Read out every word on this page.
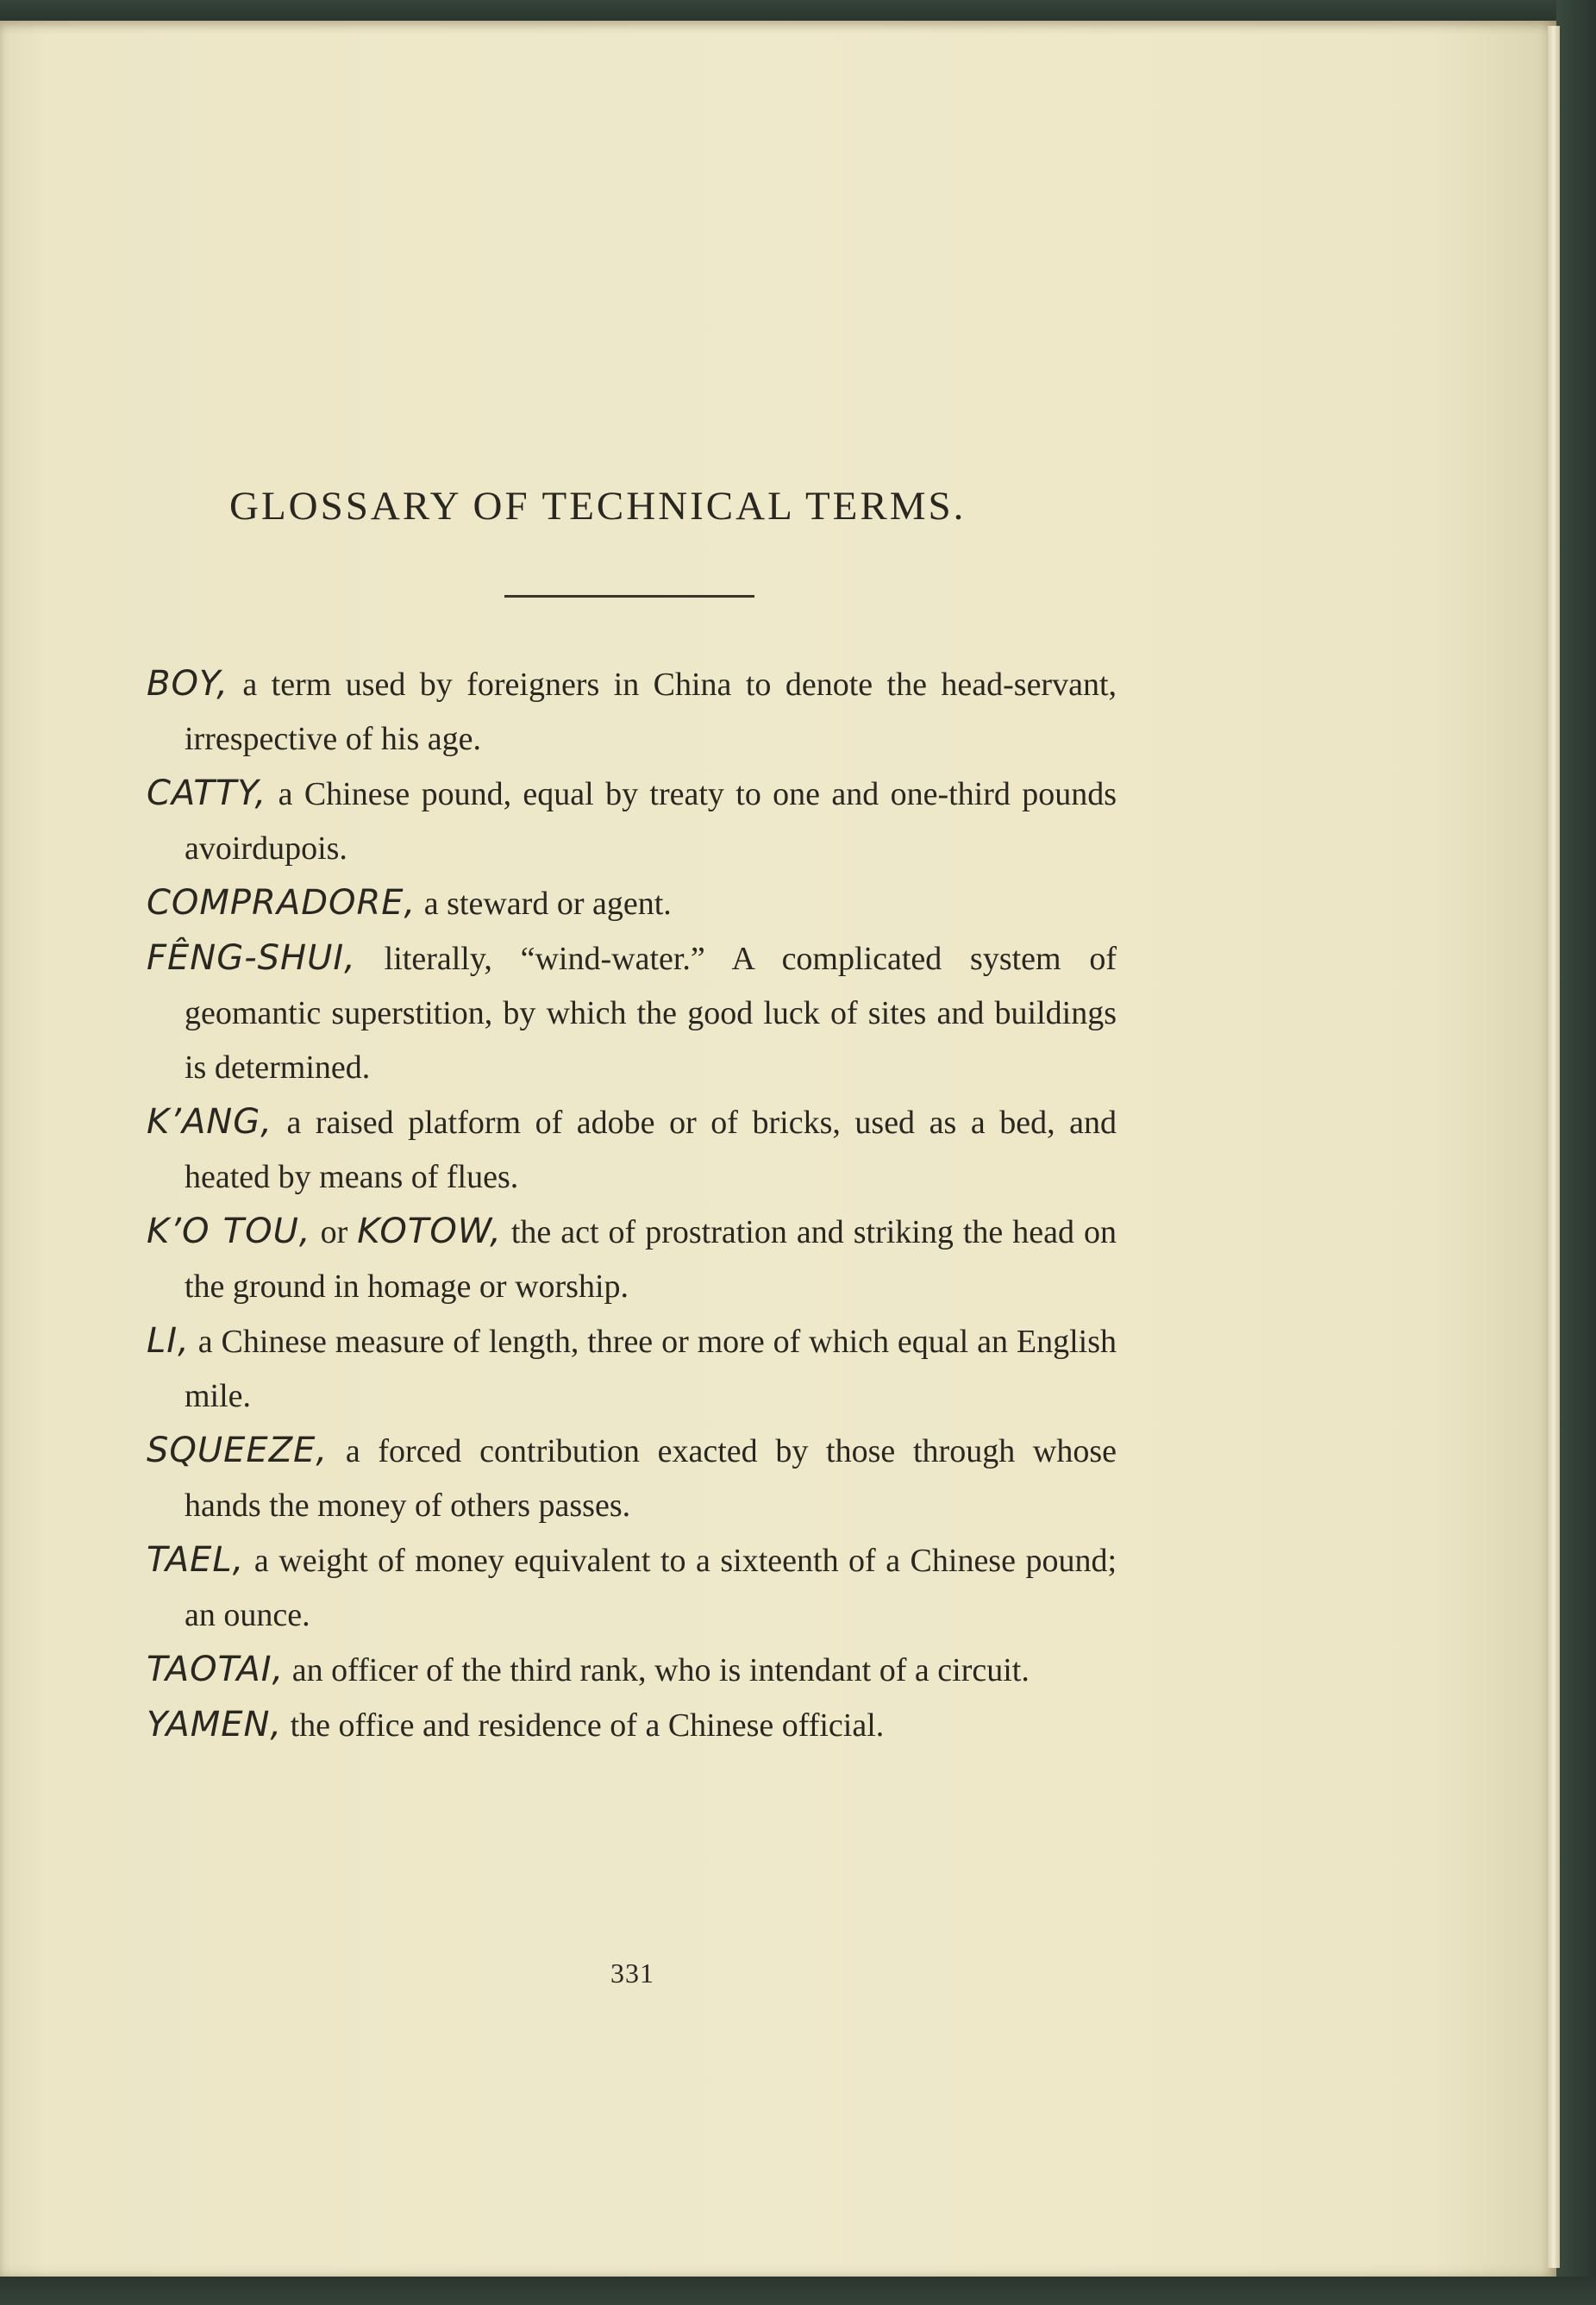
GLOSSARY OF TECHNICAL TERMS.

BOY, a term used by foreigners in China to denote the head-servant, irrespective of his age.

CATTY, a Chinese pound, equal by treaty to one and one-third pounds avoirdupois.

COMPRADORE, a steward or agent.

FÊNG-SHUI, literally, “wind-water.” A complicated system of geomantic superstition, by which the good luck of sites and buildings is determined.

K’ANG, a raised platform of adobe or of bricks, used as a bed, and heated by means of flues.

K’O TOU, or KOTOW, the act of prostration and striking the head on the ground in homage or worship.

LI, a Chinese measure of length, three or more of which equal an English mile.

SQUEEZE, a forced contribution exacted by those through whose hands the money of others passes.

TAEL, a weight of money equivalent to a sixteenth of a Chinese pound; an ounce.

TAOTAI, an officer of the third rank, who is intendant of a circuit.

YAMEN, the office and residence of a Chinese official.

331
